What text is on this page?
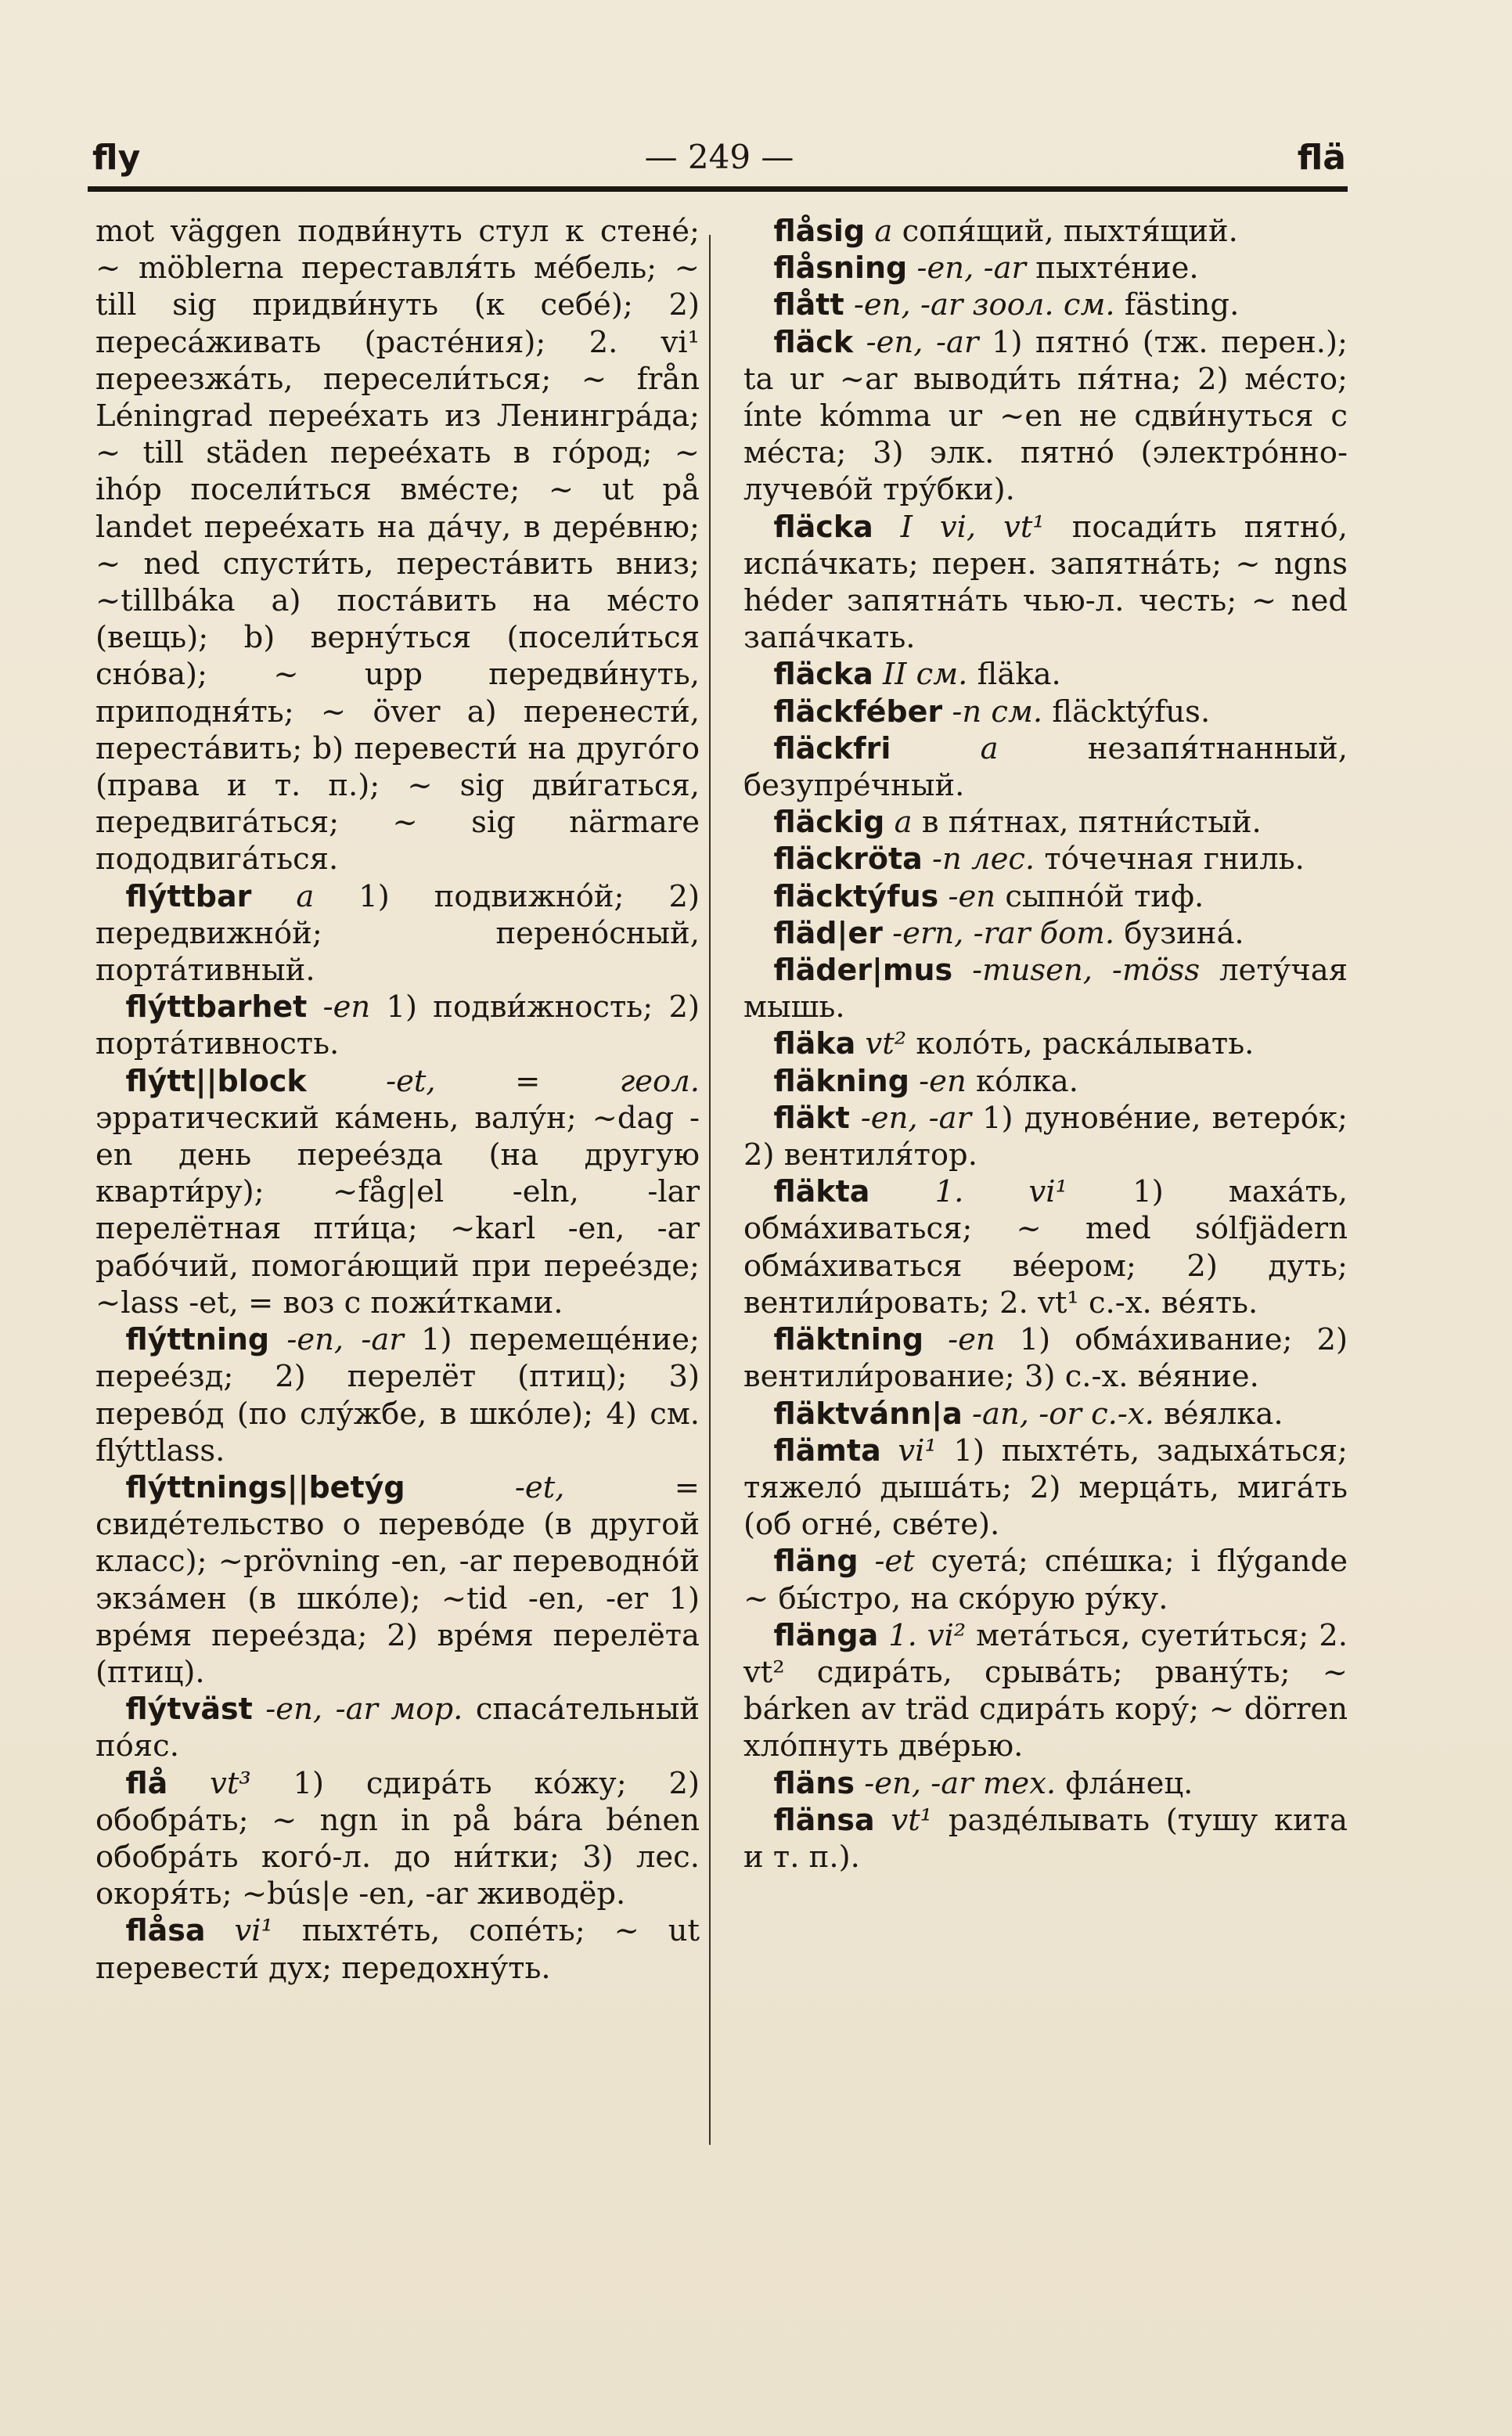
fly	— 249 —	flä

mot väggen подви́нуть стул к стене́; ~ möblerna переставля́ть ме́бель; ~ till sig придви́нуть (к себе́); 2) переса́живать (расте́ния); 2. vi¹ переезжа́ть, пересели́ться; ~ från Léningrad перее́хать из Ленингра́да; ~ till städen перее́хать в го́род; ~ ihóp посели́ться вме́сте; ~ ut på landet перее́хать на да́чу, в дере́вню; ~ ned спусти́ть, переста́вить вниз; ~tillbáka a) поста́вить на ме́сто (вещь); b) верну́ться (посели́ться сно́ва); ~ upp передви́нуть, приподня́ть; ~ över a) перенести́, переста́вить; b) перевести́ на друго́го (права и т. п.); ~ sig дви́гаться, передвига́ться; ~ sig närmare пододвига́ться.

flýttbar a 1) подвижно́й; 2) передвижно́й; перено́сный, порта́тивный.

flýttbarhet -en 1) подви́жность; 2) порта́тивность.

flýtt||block	-et, = геол. эрратический ка́мень, валу́н; ~dag -en день перее́зда (на другую кварти́ру); ~fåg|el -eln, -lar перелётная пти́ца; ~karl -en, -ar рабо́чий, помога́ющий при перее́зде; ~lass -et, = воз с пожи́тками.

flýttning -en, -ar 1) перемеще́ние; перее́зд; 2) перелёт (птиц); 3) перево́д (по слу́жбе, в шко́ле); 4) см. flýttlass.

flýttnings||betýg	-et, = свиде́тельство о перево́де (в другой класс); ~prövning -en, -ar переводно́й экза́мен (в шко́ле); ~tid -en, -er 1) вре́мя перее́зда; 2) вре́мя перелёта (птиц).

flýtväst -en, -ar мор. спаса́тельный по́яс.

flå vt³ 1) сдира́ть ко́жу; 2) обобра́ть; ~ ngn in på bára bénen обобра́ть кого́-л. до ни́тки; 3) лес. окоря́ть; ~bús|e -en, -ar живодёр.

flåsa vi¹ пыхте́ть, сопе́ть; ~ ut перевести́ дух; передохну́ть.

flåsig a сопя́щий, пыхтя́щий.

flåsning -en, -ar пыхте́ние.

flått -en, -ar зоол. см. fästing.

fläck -en, -ar 1) пятно́ (тж. перен.); ta ur ~ar выводи́ть пя́тна; 2) ме́сто; ínte kómma ur ~en не сдви́нуться с ме́ста; 3) элк. пятно́ (электро́нно-лучево́й тру́бки).

fläcka I vi, vt¹ посади́ть пятно́, испа́чкать; перен. запятна́ть; ~ ngns héder запятна́ть чью-л. честь; ~ ned запа́чкать.

fläcka II см. fläka.

fläckféber -n см. fläcktýfus.

fläckfri	a	незапя́тнанный, безупре́чный.

fläckig a в пя́тнах, пятни́стый.

fläckröta -n лес. то́чечная гниль.

fläcktýfus -en сыпно́й тиф.

fläd|er -ern, -rar бот. бузина́.

fläder|mus -musen, -möss лету́чая мышь.

fläka vt² коло́ть, раска́лывать.

fläkning -en ко́лка.

fläkt -en, -ar 1) дунове́ние, ветеро́к; 2) вентиля́тор.

fläkta 1. vi¹ 1) маха́ть, обма́хиваться; ~ med sólfjädern обма́хиваться ве́ером; 2) дуть; вентили́ровать; 2. vt¹ с.-х. ве́ять.

fläktning -en 1) обма́хивание; 2) вентили́рование; 3) с.-х. ве́яние.

fläktvánn|a -an, -or с.-х. ве́ялка.

flämta vi¹ 1) пыхте́ть, задыха́ться; тяжело́ дыша́ть; 2) мерца́ть, мига́ть (об огне́, све́те).

fläng -et суета́; спе́шка; i flýgande ~ бы́стро, на ско́рую ру́ку.

flänga 1. vi² мета́ться, суети́ться; 2. vt² сдира́ть, срыва́ть; рвану́ть; ~ bárken av träd сдира́ть кору́; ~ dörren хло́пнуть две́рью.

fläns -en, -ar тех. фла́нец.

flänsa vt¹ разде́лывать (тушу кита и т. п.).
